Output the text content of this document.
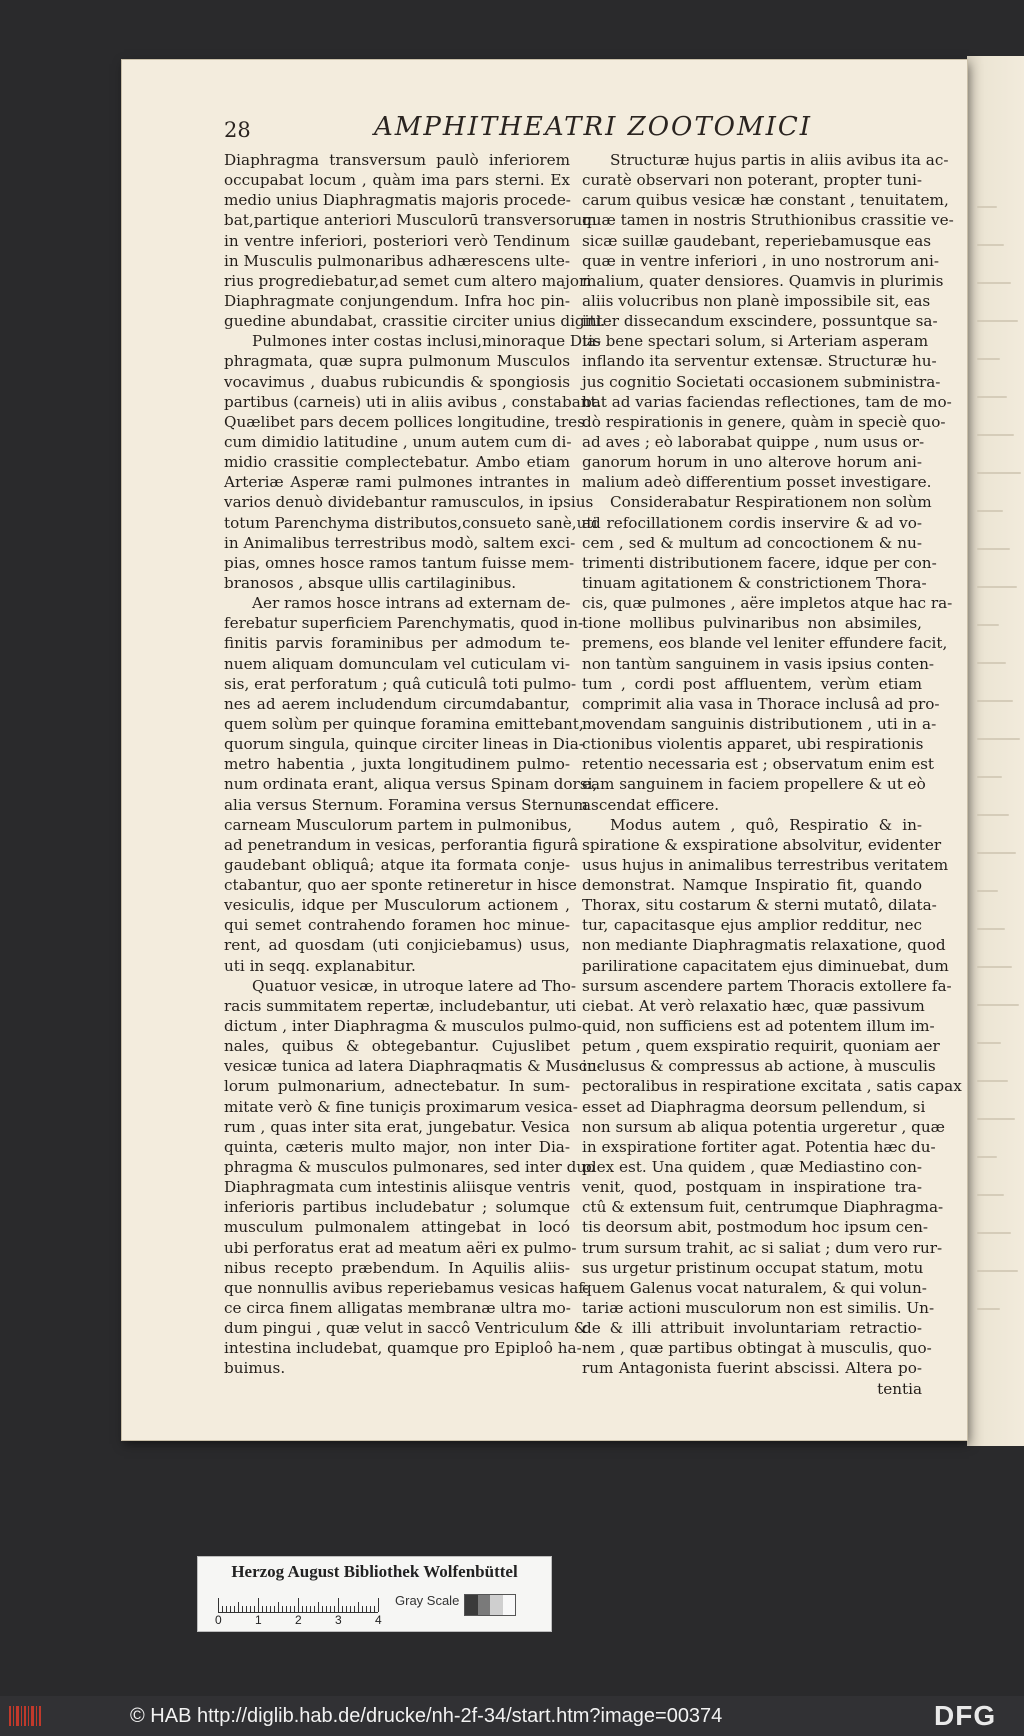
28	AMPHITHEATRI ZOOTOMICI
Diaphragma transversum paulò inferiorem
occupabat locum , quàm ima pars sterni. Ex
medio unius Diaphragmatis majoris procede-
bat,partique anteriori Musculorū transversorum
in ventre inferiori, posteriori verò Tendinum
in Musculis pulmonaribus adhærescens ulte-
rius progrediebatur,ad semet cum altero majori
Diaphragmate conjungendum. Infra hoc pin-
guedine abundabat, crassitie circiter unius digiti.
Pulmones inter costas inclusi,minoraque Dia-
phragmata, quæ supra pulmonum Musculos
vocavimus , duabus rubicundis & spongiosis
partibus (carneis) uti in aliis avibus , constabant.
Quælibet pars decem pollices longitudine, tres
cum dimidio latitudine , unum autem cum di-
midio crassitie complectebatur. Ambo etiam
Arteriæ Asperæ rami pulmones intrantes in
varios denuò dividebantur ramusculos, in ipsius
totum Parenchyma distributos,consueto sanè,uti
in Animalibus terrestribus modò, saltem exci-
pias, omnes hosce ramos tantum fuisse mem-
branosos , absque ullis cartilaginibus.
Aer ramos hosce intrans ad externam de-
ferebatur superficiem Parenchymatis, quod in-
finitis parvis foraminibus per admodum te-
nuem aliquam domunculam vel cuticulam vi-
sis, erat perforatum ; quâ cuticulâ toti pulmo-
nes ad aerem includendum circumdabantur,
quem solùm per quinque foramina emittebant,
quorum singula, quinque circiter lineas in Dia-
metro habentia , juxta longitudinem pulmo-
num ordinata erant, aliqua versus Spinam dorsi,
alia versus Sternum. Foramina versus Sternum
carneam Musculorum partem in pulmonibus,
ad penetrandum in vesicas, perforantia figurâ
gaudebant obliquâ; atque ita formata conje-
ctabantur, quo aer sponte retineretur in hisce
vesiculis, idque per Musculorum actionem ,
qui semet contrahendo foramen hoc minue-
rent, ad quosdam (uti conjiciebamus) usus,
uti in seqq. explanabitur.
Quatuor vesicæ, in utroque latere ad Tho-
racis summitatem repertæ, includebantur, uti
dictum , inter Diaphragma & musculos pulmo-
nales, quibus & obtegebantur. Cujuslibet
vesicæ tunica ad latera Diaphraqmatis & Muscu-
lorum pulmonarium, adnectebatur. In sum-
mitate verò & fine tuniçis proximarum vesica-
rum , quas inter sita erat, jungebatur. Vesica
quinta, cæteris multo major, non inter Dia-
phragma & musculos pulmonares, sed inter duo
Diaphragmata cum intestinis aliisque ventris
inferioris partibus includebatur ; solumque
musculum pulmonalem attingebat in locó
ubi perforatus erat ad meatum aëri ex pulmo-
nibus recepto præbendum. In Aquilis aliis-
que nonnullis avibus reperiebamus vesicas haf-
ce circa finem alligatas membranæ ultra mo-
dum pingui , quæ velut in saccô Ventriculum &
intestina includebat, quamque pro Epiploô ha-
buimus.
Structuræ hujus partis in aliis avibus ita ac-
curatè observari non poterant, propter tuni-
carum quibus vesicæ hæ constant , tenuitatem,
quæ tamen in nostris Struthionibus crassitie ve-
sicæ suillæ gaudebant, reperiebamusque eas
quæ in ventre inferiori , in uno nostrorum ani-
malium, quater densiores. Quamvis in plurimis
aliis volucribus non planè impossibile sit, eas
inter dissecandum exscindere, possuntque sa-
tis bene spectari solum, si Arteriam asperam
inflando ita serventur extensæ. Structuræ hu-
jus cognitio Societati occasionem subministra-
bat ad varias faciendas reflectiones, tam de mo-
dò respirationis in genere, quàm in speciè quo-
ad aves ; eò laborabat quippe , num usus or-
ganorum horum in uno alterove horum ani-
malium adeò differentium posset investigare.
Considerabatur Respirationem non solùm
ad refocillationem cordis inservire & ad vo-
cem , sed & multum ad concoctionem & nu-
trimenti distributionem facere, idque per con-
tinuam agitationem & constrictionem Thora-
cis, quæ pulmones , aëre impletos atque hac ra-
tione mollibus pulvinaribus non absimiles,
premens, eos blande vel leniter effundere facit,
non tantùm sanguinem in vasis ipsius conten-
tum , cordi post affluentem, verùm etiam
comprimit alia vasa in Thorace inclusâ ad pro-
movendam sanguinis distributionem , uti in a-
ctionibus violentis apparet, ubi respirationis
retentio necessaria est ; observatum enim est
eam sanguinem in faciem propellere & ut eò
ascendat efficere.
Modus autem , quô, Respiratio & in-
spiratione & exspiratione absolvitur, evidenter
usus hujus in animalibus terrestribus veritatem
demonstrat. Namque Inspiratio fit, quando
Thorax, situ costarum & sterni mutatô, dilata-
tur, capacitasque ejus amplior redditur, nec
non mediante Diaphragmatis relaxatione, quod
pariliratione capacitatem ejus diminuebat, dum
sursum ascendere partem Thoracis extollere fa-
ciebat. At verò relaxatio hæc, quæ passivum
quid, non sufficiens est ad potentem illum im-
petum , quem exspiratio requirit, quoniam aer
inclusus & compressus ab actione, à musculis
pectoralibus in respiratione excitata , satis capax
esset ad Diaphragma deorsum pellendum, si
non sursum ab aliqua potentia urgeretur , quæ
in exspiratione fortiter agat. Potentia hæc du-
plex est. Una quidem , quæ Mediastino con-
venit, quod, postquam in inspiratione tra-
ctû & extensum fuit, centrumque Diaphragma-
tis deorsum abit, postmodum hoc ipsum cen-
trum sursum trahit, ac si saliat ; dum vero rur-
sus urgetur pristinum occupat statum, motu
quem Galenus vocat naturalem, & qui volun-
tariæ actioni musculorum non est similis. Un-
de & illi attribuit involuntariam retractio-
nem , quæ partibus obtingat à musculis, quo-
rum Antagonista fuerint abscissi. Altera po-
tentia
Herzog August Bibliothek Wolfenbüttel
Gray Scale
0	1	2	3	4
© HAB http://diglib.hab.de/drucke/nh-2f-34/start.htm?image=00374	DFG
